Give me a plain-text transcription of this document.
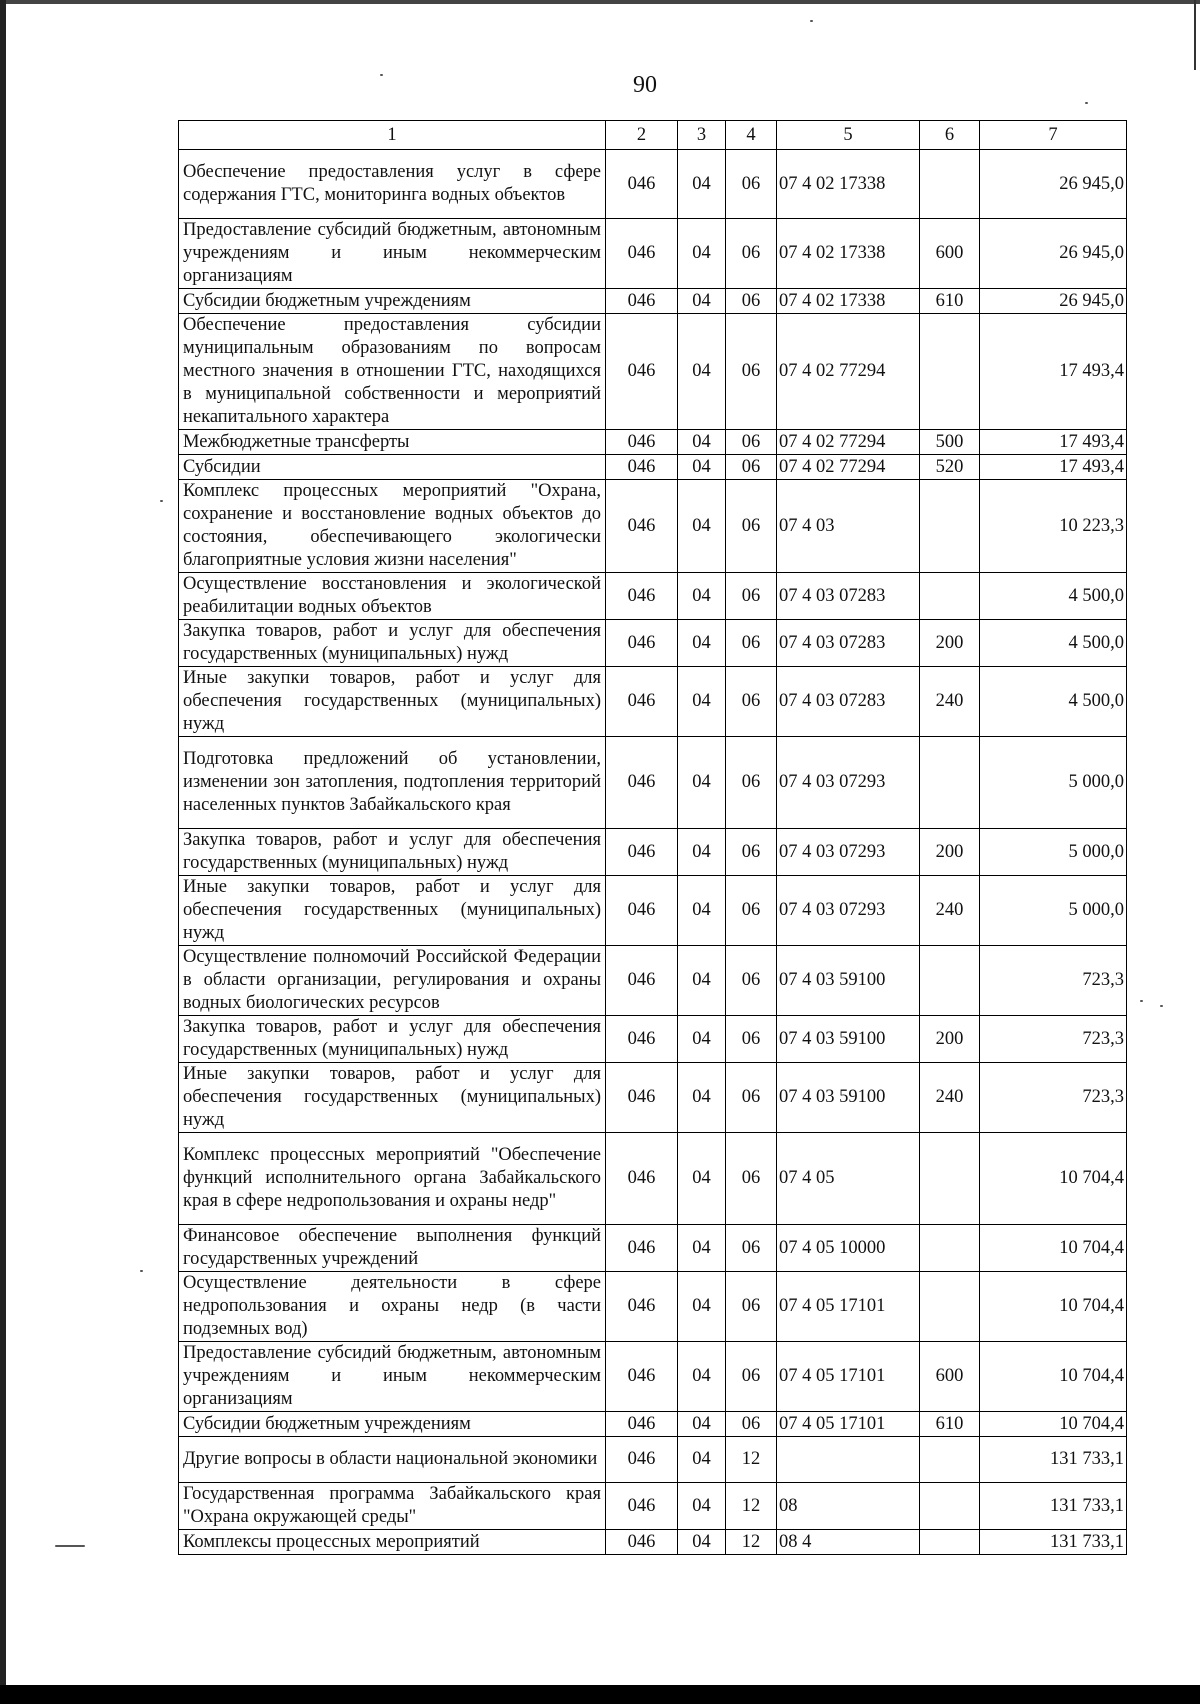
90
1	2	3	4	5	6	7
Обеспечение предоставления услуг в сфере содержания ГТС, мониторинга водных объектов	046	04	06	07 4 02 17338		26 945,0
Предоставление субсидий бюджетным, автономным учреждениям и иным некоммерческим организациям	046	04	06	07 4 02 17338	600	26 945,0
Субсидии бюджетным учреждениям	046	04	06	07 4 02 17338	610	26 945,0
Обеспечение предоставления субсидии муниципальным образованиям по вопросам местного значения в отношении ГТС, находящихся в муниципальной собственности и мероприятий некапитального характера	046	04	06	07 4 02 77294		17 493,4
Межбюджетные трансферты	046	04	06	07 4 02 77294	500	17 493,4
Субсидии	046	04	06	07 4 02 77294	520	17 493,4
Комплекс процессных мероприятий "Охрана, сохранение и восстановление водных объектов до состояния, обеспечивающего экологически благоприятные условия жизни населения"	046	04	06	07 4 03		10 223,3
Осуществление восстановления и экологической реабилитации водных объектов	046	04	06	07 4 03 07283		4 500,0
Закупка товаров, работ и услуг для обеспечения государственных (муниципальных) нужд	046	04	06	07 4 03 07283	200	4 500,0
Иные закупки товаров, работ и услуг для обеспечения государственных (муниципальных) нужд	046	04	06	07 4 03 07283	240	4 500,0
Подготовка предложений об установлении, изменении зон затопления, подтопления территорий населенных пунктов Забайкальского края	046	04	06	07 4 03 07293		5 000,0
Закупка товаров, работ и услуг для обеспечения государственных (муниципальных) нужд	046	04	06	07 4 03 07293	200	5 000,0
Иные закупки товаров, работ и услуг для обеспечения государственных (муниципальных) нужд	046	04	06	07 4 03 07293	240	5 000,0
Осуществление полномочий Российской Федерации в области организации, регулирования и охраны водных биологических ресурсов	046	04	06	07 4 03 59100		723,3
Закупка товаров, работ и услуг для обеспечения государственных (муниципальных) нужд	046	04	06	07 4 03 59100	200	723,3
Иные закупки товаров, работ и услуг для обеспечения государственных (муниципальных) нужд	046	04	06	07 4 03 59100	240	723,3
Комплекс процессных мероприятий "Обеспечение функций исполнительного органа Забайкальского края в сфере недропользования и охраны недр"	046	04	06	07 4 05		10 704,4
Финансовое обеспечение выполнения функций государственных учреждений	046	04	06	07 4 05 10000		10 704,4
Осуществление деятельности в сфере недропользования и охраны недр (в части подземных вод)	046	04	06	07 4 05 17101		10 704,4
Предоставление субсидий бюджетным, автономным учреждениям и иным некоммерческим организациям	046	04	06	07 4 05 17101	600	10 704,4
Субсидии бюджетным учреждениям	046	04	06	07 4 05 17101	610	10 704,4
Другие вопросы в области национальной экономики	046	04	12			131 733,1
Государственная программа Забайкальского края "Охрана окружающей среды"	046	04	12	08		131 733,1
Комплексы процессных мероприятий	046	04	12	08 4		131 733,1
